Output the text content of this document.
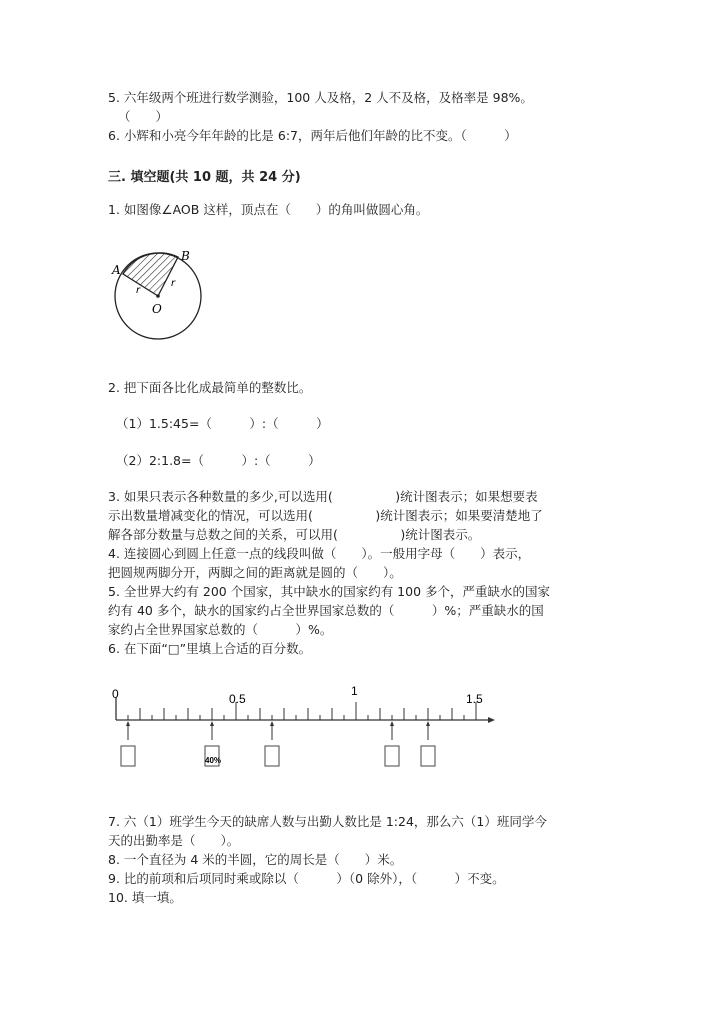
5. 六年级两个班进行数学测验，100 人及格，2 人不及格，及格率是 98%。
（　　）
6. 小辉和小亮今年年龄的比是 6:7，两年后他们年龄的比不变。（　　　）
三. 填空题(共 10 题，共 24 分)
1. 如图像∠AOB 这样，顶点在（　　）的角叫做圆心角。
A
B
O
r
r
2. 把下面各比化成最简单的整数比。
（1）1.5:45=（　　　）:（　　　）
（2）2:1.8=（　　　）:（　　　）
3. 如果只表示各种数量的多少,可以选用(　　　　　)统计图表示；如果想要表
示出数量增减变化的情况，可以选用(　　　　　)统计图表示；如果要清楚地了
解各部分数量与总数之间的关系，可以用(　　　　　)统计图表示。
4. 连接圆心到圆上任意一点的线段叫做（　　）。一般用字母（　　）表示，
把圆规两脚分开，两脚之间的距离就是圆的（　　）。
5. 全世界大约有 200 个国家，其中缺水的国家约有 100 多个，严重缺水的国家
约有 40 多个，缺水的国家约占全世界国家总数的（　　　）%；严重缺水的国
家约占全世界国家总数的（　　　）%。
6. 在下面“□”里填上合适的百分数。
0	0.5
1
1.5
40%
7. 六（1）班学生今天的缺席人数与出勤人数比是 1:24，那么六（1）班同学今
天的出勤率是（　　）。
8. 一个直径为 4 米的半圆，它的周长是（　　）米。
9. 比的前项和后项同时乘或除以（　　　）（0 除外），（　　　）不变。
10. 填一填。
